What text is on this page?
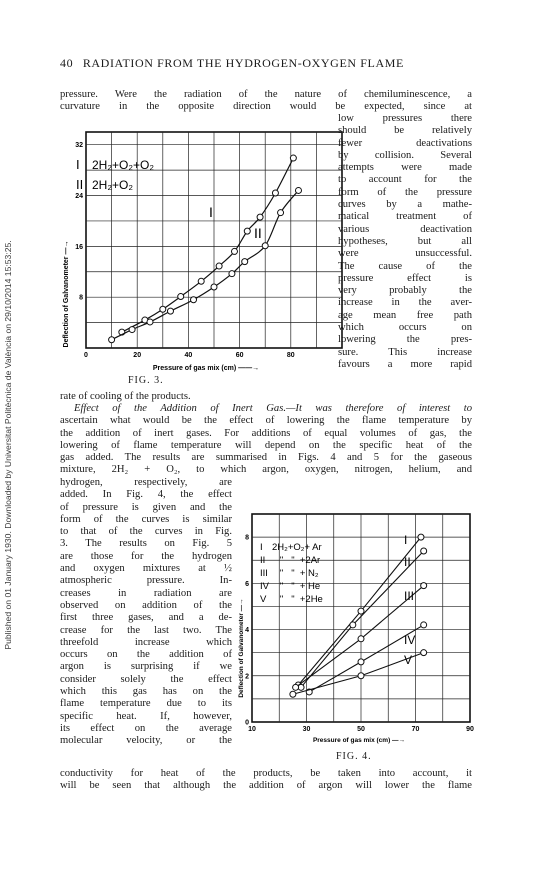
Published on 01 January 1930. Downloaded by Universitat Politècnica de València on 29/10/2014 15:53:25.
40 RADIATION FROM THE HYDROGEN-OXYGEN FLAME

pressure. Were the radiation of the nature of chemiluminescence, a
curvature in the opposite direction would be expected, since at

0	20	40	60	80
8
16
24
32
I 2H₂+O₂+O₂
II 2H₂+O₂
I
II
Deflection of Galvanometer —→
Pressure of gas mix (cm) ——→
FIG. 3.

low pressures there
should be relatively
fewer deactivations
by collision. Several
attempts were made
to account for the
form of the pressure
curves by a mathe-
matical treatment of
various deactivation
hypotheses, but all
were unsuccessful.
The cause of the
pressure effect is
very probably the
increase in the aver-
age mean free path
which occurs on
lowering the pres-
sure. This increase
favours a more rapid

rate of cooling of the products.

Effect of the Addition of Inert Gas.—It was therefore of interest to
ascertain what would be the effect of lowering the flame temperature by
the addition of inert gases. For additions of equal volumes of gas, the
lowering of flame temperature will depend on the specific heat of the
gas added. The results are summarised in Figs. 4 and 5 for the gaseous
mixture, 2H₂ + O₂, to which argon, oxygen, nitrogen, helium, and

hydrogen, respectively, are
added. In Fig. 4, the effect
of pressure is given and the
form of the curves is similar
to that of the curves in Fig.
3. The results on Fig. 5
are those for the hydrogen
and oxygen mixtures at ½
atmospheric pressure. In-
creases in radiation are
observed on addition of the
first three gases, and a de-
crease for the last two. The
threefold increase which
occurs on the addition of
argon is surprising if we
consider solely the effect
which this gas has on the
flame temperature due to its
specific heat. If, however,
its effect on the average
molecular velocity, or the

10	30	50	70	90
0
2
4
6
8
I 2H₂+O₂+ Ar
II "   "  +2Ar
III "   "  + N₂
IV "   "  + He
V "   "  +2He
I
II
III
IV
V
Deflection of Galvanometer —→
Pressure of gas mix (cm) —→
FIG. 4.

conductivity for heat of the products, be taken into account, it
will be seen that although the addition of argon will lower the flame
